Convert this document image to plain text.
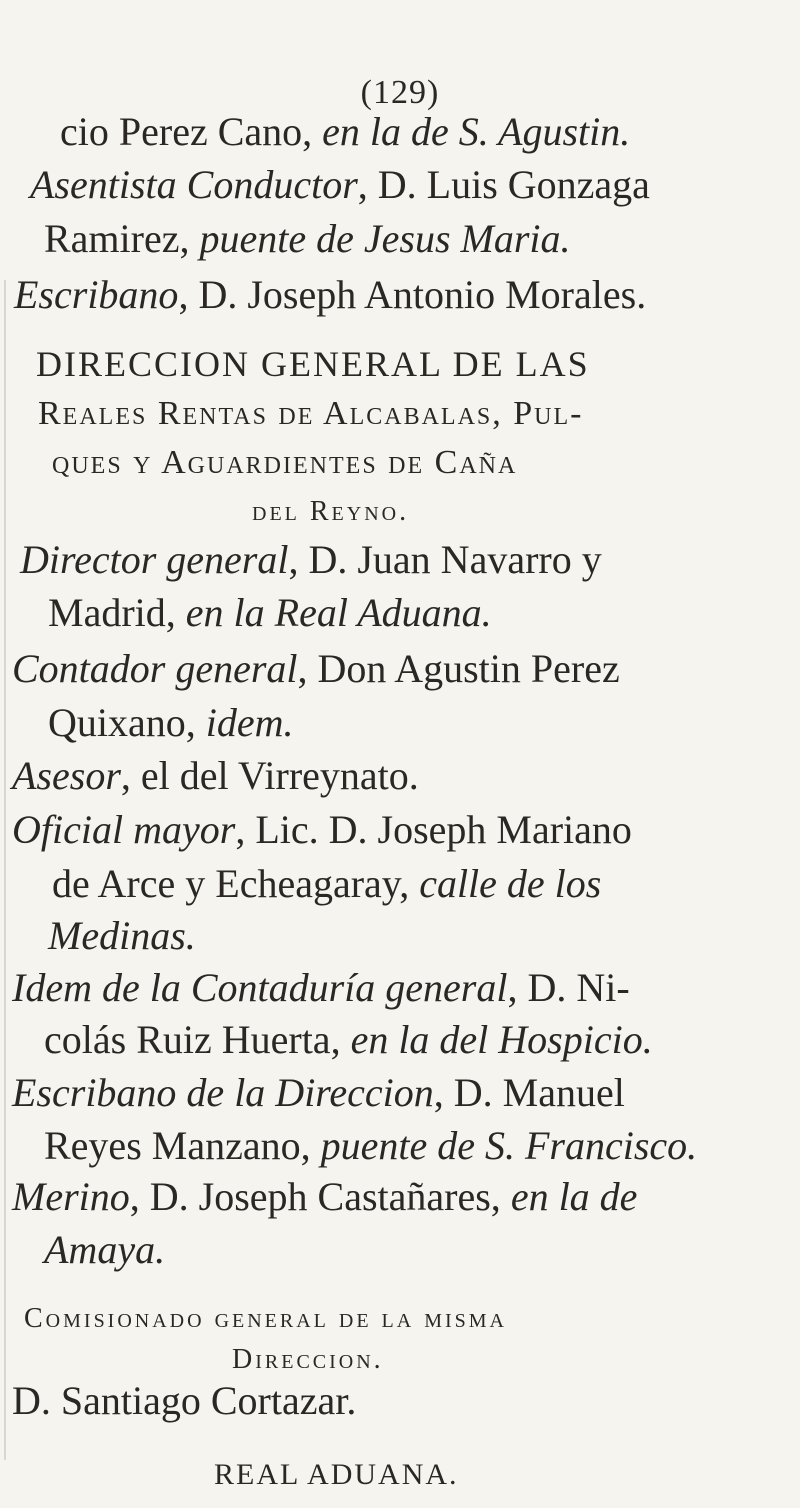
(129)
cio Perez Cano, en la de S. Agustin.
Asentista Conductor, D. Luis Gonzaga
Ramirez, puente de Jesus Maria.
Escribano, D. Joseph Antonio Morales.
DIRECCION GENERAL DE LAS
Reales Rentas de Alcabalas, Pul-
ques y Aguardientes de Caña
del Reyno.
Director general, D. Juan Navarro y
Madrid, en la Real Aduana.
Contador general, Don Agustin Perez
Quixano, idem.
Asesor, el del Virreynato.
Oficial mayor, Lic. D. Joseph Mariano
de Arce y Echeagaray, calle de los
Medinas.
Idem de la Contaduría general, D. Ni-
colás Ruiz Huerta, en la del Hospicio.
Escribano de la Direccion, D. Manuel
Reyes Manzano, puente de S. Francisco.
Merino, D. Joseph Castañares, en la de
Amaya.
Comisionado general de la misma
Direccion.
D. Santiago Cortazar.
REAL ADUANA.
